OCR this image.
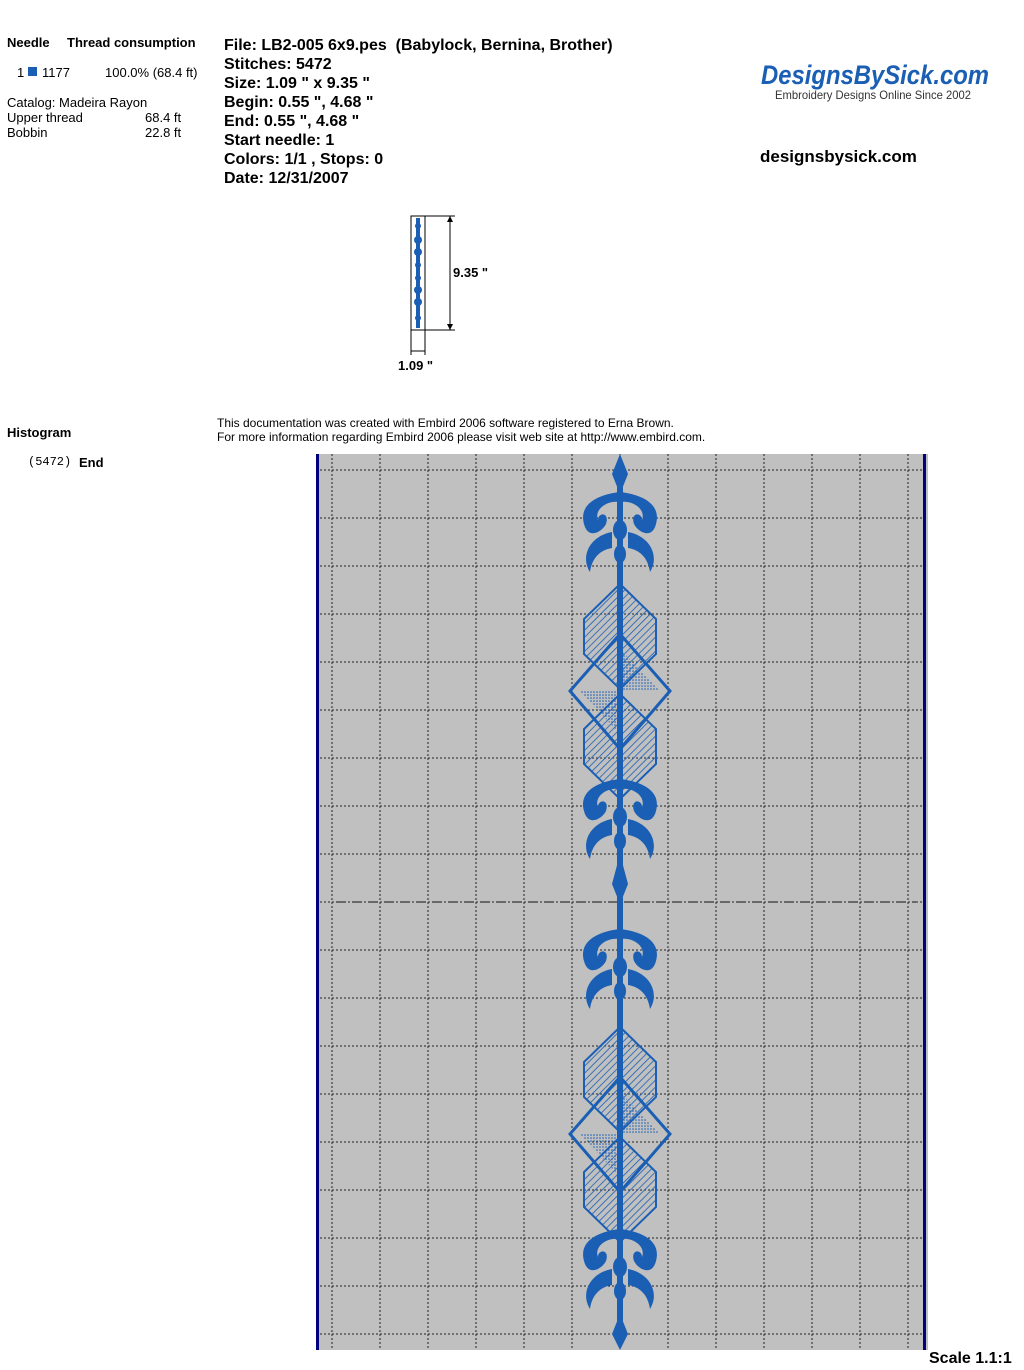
Needle Thread consumption
1 1177	100.0% (68.4 ft)
Catalog: Madeira Rayon
Upper thread	68.4 ft
Bobbin	22.8 ft
File: LB2-005 6x9.pes  (Babylock, Bernina, Brother)
Stitches: 5472
Size: 1.09 " x 9.35 "
Begin: 0.55 ", 4.68 "
End: 0.55 ", 4.68 "
Start needle: 1
Colors: 1/1 , Stops: 0
Date: 12/31/2007
DesignsBySick.com
Embroidery Designs Online Since 2002
designsbysick.com
9.35 "
1.09 "
Histogram
(5472) End
This documentation was created with Embird 2006 software registered to Erna Brown.
For more information regarding Embird 2006 please visit web site at http://www.embird.com.
Scale 1.1:1
